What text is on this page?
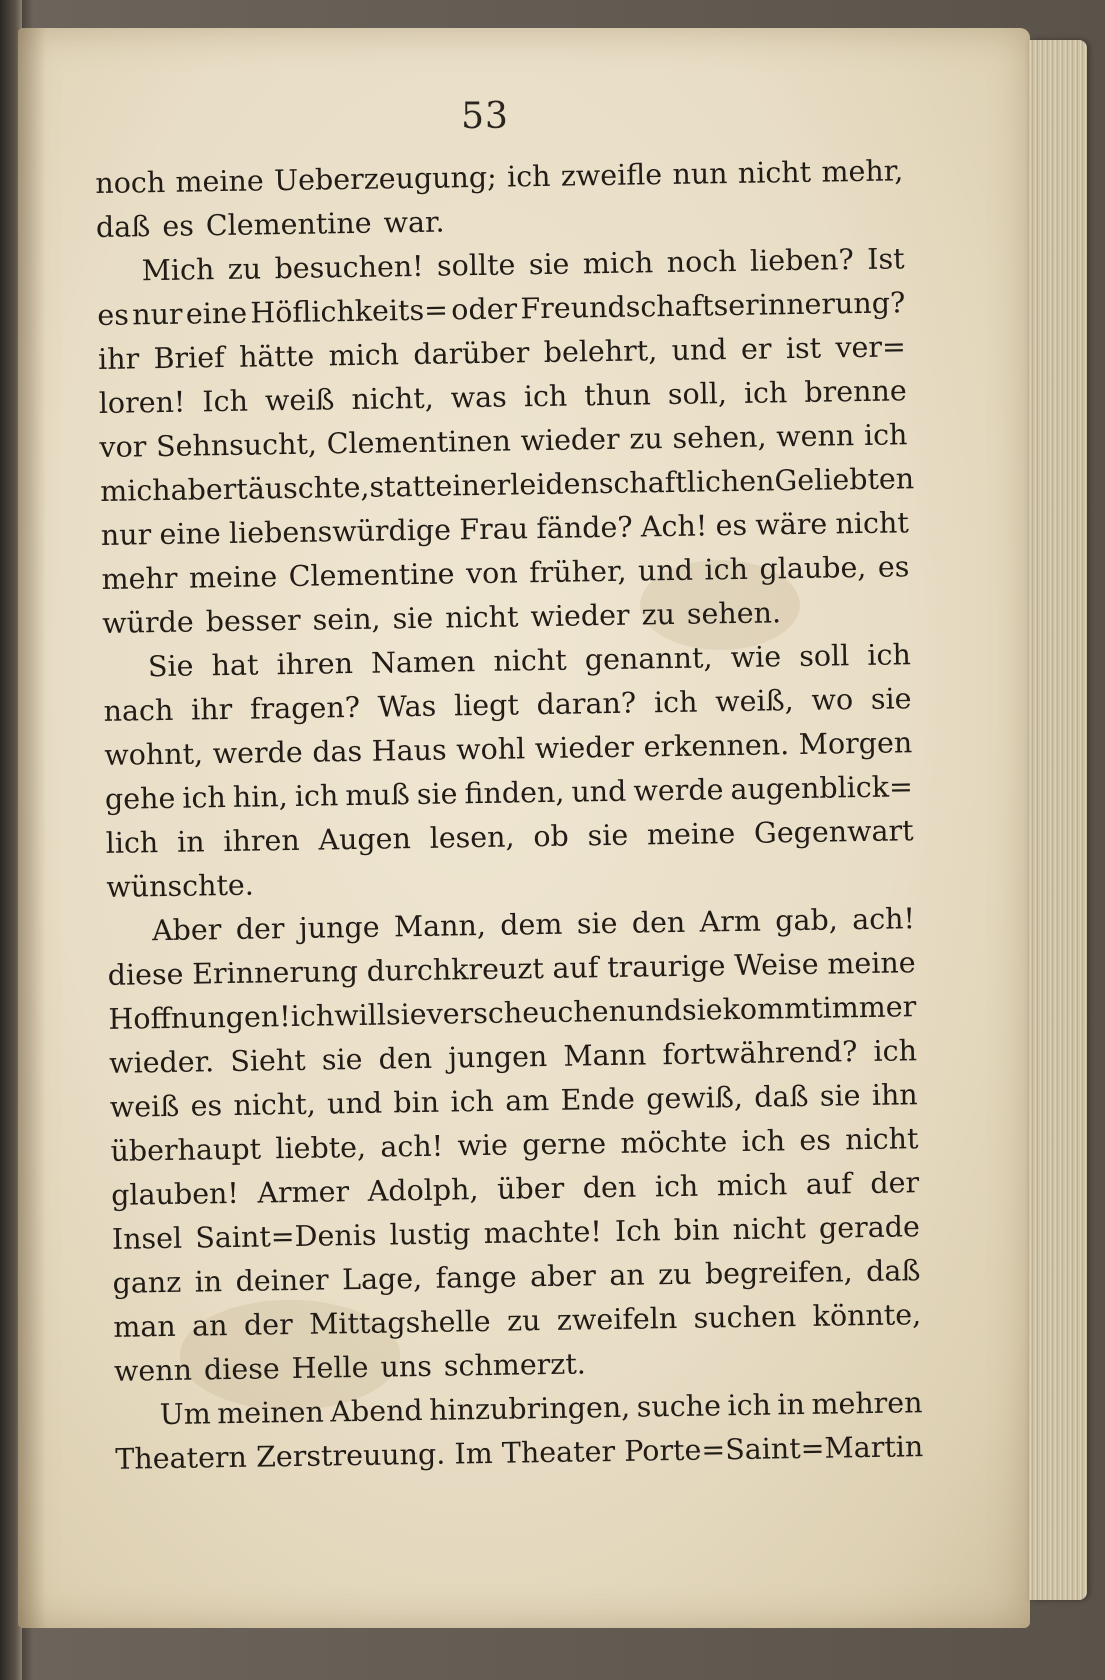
53
noch meine Ueberzeugung; ich zweifle nun nicht mehr,
daß es Clementine war.
Mich zu besuchen! sollte sie mich noch lieben? Ist
es nur eine Höflichkeits= oder Freundschaftserinnerung?
ihr Brief hätte mich darüber belehrt, und er ist ver=
loren! Ich weiß nicht, was ich thun soll, ich brenne
vor Sehnsucht, Clementinen wieder zu sehen, wenn ich
mich aber täuschte, statt einer leidenschaftlichen Geliebten
nur eine liebenswürdige Frau fände? Ach! es wäre nicht
mehr meine Clementine von früher, und ich glaube, es
würde besser sein, sie nicht wieder zu sehen.
Sie hat ihren Namen nicht genannt, wie soll ich
nach ihr fragen? Was liegt daran? ich weiß, wo sie
wohnt, werde das Haus wohl wieder erkennen. Morgen
gehe ich hin, ich muß sie finden, und werde augenblick=
lich in ihren Augen lesen, ob sie meine Gegenwart
wünschte.
Aber der junge Mann, dem sie den Arm gab, ach!
diese Erinnerung durchkreuzt auf traurige Weise meine
Hoffnungen! ich will sie verscheuchen und sie kommt immer
wieder. Sieht sie den jungen Mann fortwährend? ich
weiß es nicht, und bin ich am Ende gewiß, daß sie ihn
überhaupt liebte, ach! wie gerne möchte ich es nicht
glauben! Armer Adolph, über den ich mich auf der
Insel Saint=Denis lustig machte! Ich bin nicht gerade
ganz in deiner Lage, fange aber an zu begreifen, daß
man an der Mittagshelle zu zweifeln suchen könnte,
wenn diese Helle uns schmerzt.
Um meinen Abend hinzubringen, suche ich in mehren
Theatern Zerstreuung. Im Theater Porte=Saint=Martin
